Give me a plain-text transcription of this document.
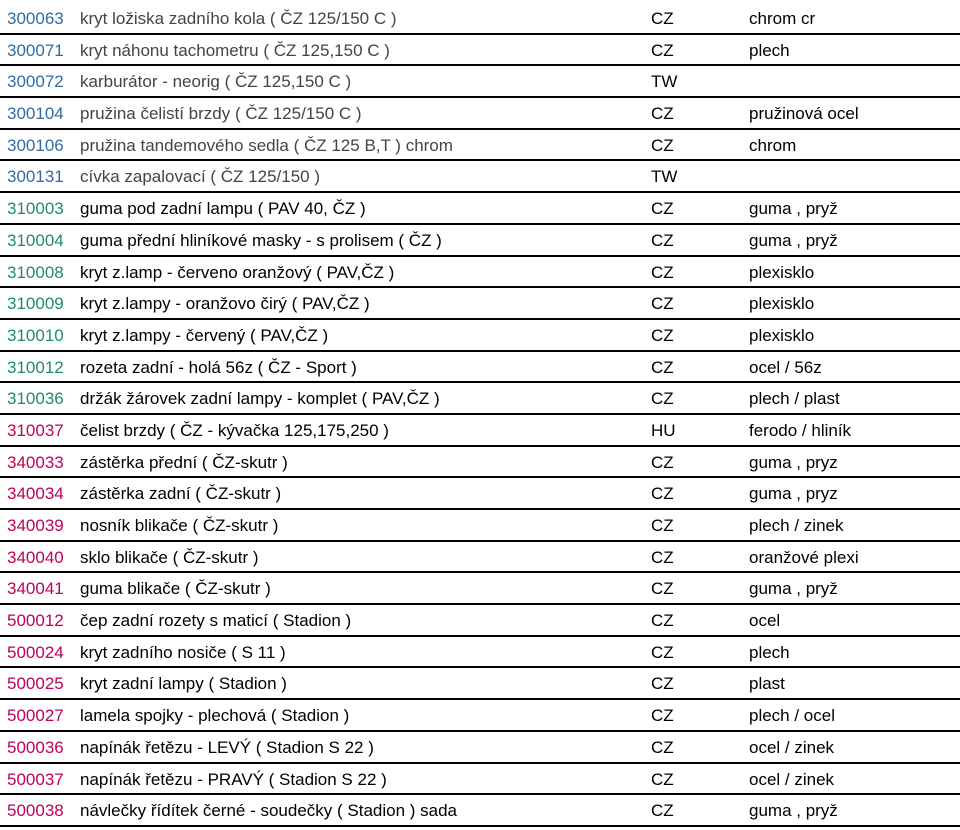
300063 kryt ložiska zadního kola ( ČZ 125/150 C )	CZ	chrom cr
300071 kryt náhonu tachometru ( ČZ 125,150 C )	CZ	plech
300072 karburátor - neorig ( ČZ 125,150 C )	TW
300104 pružina čelistí brzdy ( ČZ 125/150 C )	CZ	pružinová ocel
300106 pružina tandemového sedla ( ČZ 125 B,T ) chrom	CZ	chrom
300131 cívka zapalovací ( ČZ 125/150 )	TW
310003 guma pod zadní lampu ( PAV 40, ČZ )	CZ	guma , pryž
310004 guma přední hliníkové masky - s prolisem ( ČZ )	CZ	guma , pryž
310008 kryt z.lamp - červeno oranžový ( PAV,ČZ )	CZ	plexisklo
310009 kryt z.lampy - oranžovo čirý ( PAV,ČZ )	CZ	plexisklo
310010 kryt z.lampy - červený ( PAV,ČZ )	CZ	plexisklo
310012 rozeta zadní - holá 56z ( ČZ - Sport )	CZ	ocel / 56z
310036 držák žárovek zadní lampy - komplet ( PAV,ČZ )	CZ	plech / plast
310037 čelist brzdy ( ČZ - kývačka 125,175,250 )	HU	ferodo / hliník
340033 zástěrka přední ( ČZ-skutr )	CZ	guma , pryz
340034 zástěrka zadní ( ČZ-skutr )	CZ	guma , pryz
340039 nosník blikače ( ČZ-skutr )	CZ	plech / zinek
340040 sklo blikače ( ČZ-skutr )	CZ	oranžové plexi
340041 guma blikače ( ČZ-skutr )	CZ	guma , pryž
500012 čep zadní rozety s maticí ( Stadion )	CZ	ocel
500024 kryt zadního nosiče ( S 11 )	CZ	plech
500025 kryt zadní lampy ( Stadion )	CZ	plast
500027 lamela spojky - plechová ( Stadion )	CZ	plech / ocel
500036 napínák řetězu - LEVÝ ( Stadion S 22 )	CZ	ocel / zinek
500037 napínák řetězu - PRAVÝ ( Stadion S 22 )	CZ	ocel / zinek
500038 návlečky řídítek černé - soudečky ( Stadion ) sada	CZ	guma , pryž
